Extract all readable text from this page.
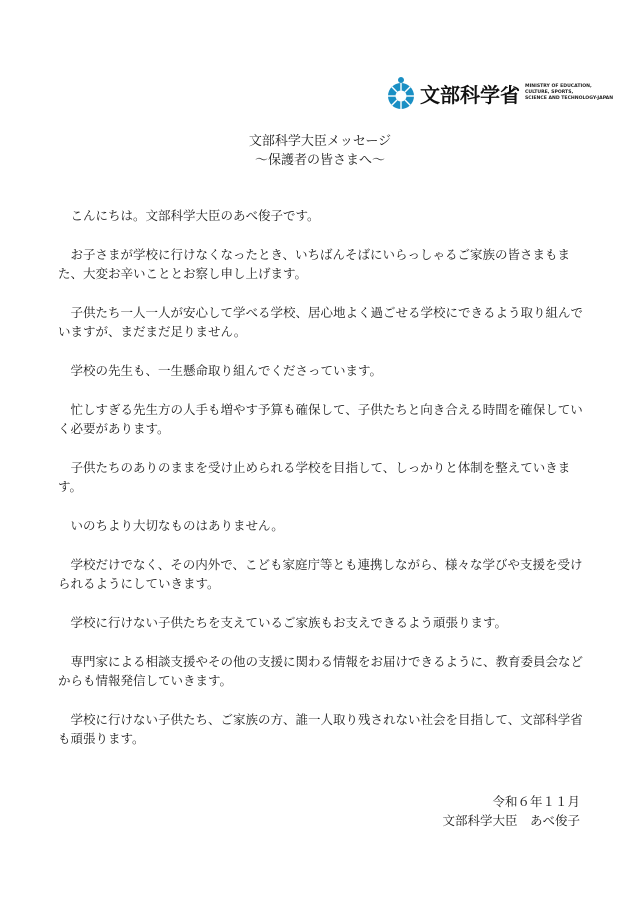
文部科学省 MINISTRY OF EDUCATION,
CULTURE, SPORTS,
SCIENCE AND TECHNOLOGY-JAPAN
文部科学大臣メッセージ
～保護者の皆さまへ～

こんにちは。文部科学大臣のあべ俊子です。

お子さまが学校に行けなくなったとき、いちばんそばにいらっしゃるご家族の皆さまもまた、大変お辛いこととお察し申し上げます。

子供たち一人一人が安心して学べる学校、居心地よく過ごせる学校にできるよう取り組んでいますが、まだまだ足りません。

学校の先生も、一生懸命取り組んでくださっています。

忙しすぎる先生方の人手も増やす予算も確保して、子供たちと向き合える時間を確保していく必要があります。

子供たちのありのままを受け止められる学校を目指して、しっかりと体制を整えていきます。

いのちより大切なものはありません。

学校だけでなく、その内外で、こども家庭庁等とも連携しながら、様々な学びや支援を受けられるようにしていきます。

学校に行けない子供たちを支えているご家族もお支えできるよう頑張ります。

専門家による相談支援やその他の支援に関わる情報をお届けできるように、教育委員会などからも情報発信していきます。

学校に行けない子供たち、ご家族の方、誰一人取り残されない社会を目指して、文部科学省も頑張ります。

令和６年１１月
文部科学大臣　あべ俊子
